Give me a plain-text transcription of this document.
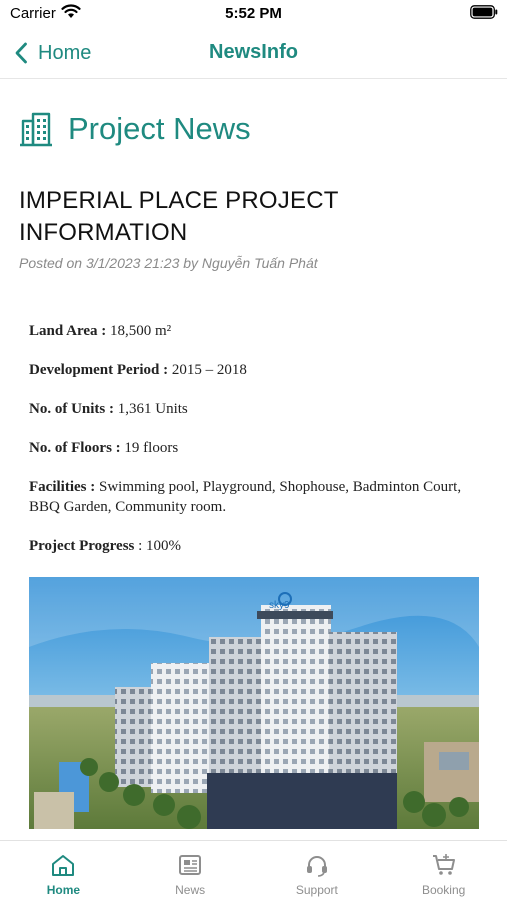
Carrier	5:52 PM
Home	NewsInfo
Project News
IMPERIAL PLACE PROJECT INFORMATION
Posted on 3/1/2023 21:23 by Nguyễn Tuấn Phát

Land Area : 18,500 m²

Development Period : 2015 – 2018

No. of Units : 1,361 Units

No. of Floors : 19 floors

Facilities : Swimming pool, Playground, Shophouse, Badminton Court, BBQ Garden, Community room.

Project Progress : 100%

sky9
Home	News	Support	Booking
